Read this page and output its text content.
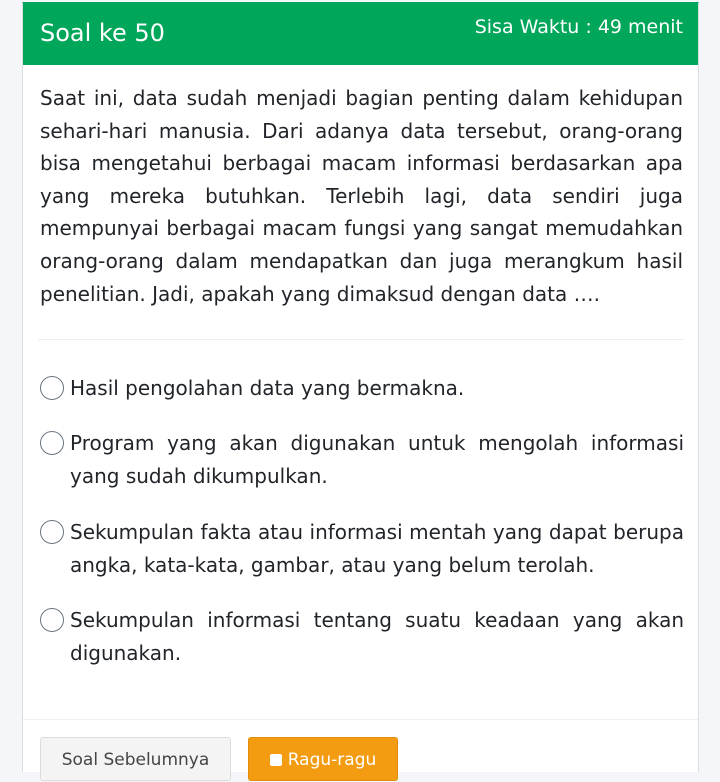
Soal ke 50	Sisa Waktu : 49 menit
Saat ini, data sudah menjadi bagian penting dalam kehidupan sehari-hari manusia. Dari adanya data tersebut, orang-orang bisa mengetahui berbagai macam informasi berdasarkan apa yang mereka butuhkan. Terlebih lagi, data sendiri juga mempunyai berbagai macam fungsi yang sangat memudahkan orang-orang dalam mendapatkan dan juga merangkum hasil penelitian. Jadi, apakah yang dimaksud dengan data ….
Hasil pengolahan data yang bermakna.
Program yang akan digunakan untuk mengolah informasi yang sudah dikumpulkan.
Sekumpulan fakta atau informasi mentah yang dapat berupa angka, kata-kata, gambar, atau yang belum terolah.
Sekumpulan informasi tentang suatu keadaan yang akan digunakan.
Soal Sebelumnya	Ragu-ragu
